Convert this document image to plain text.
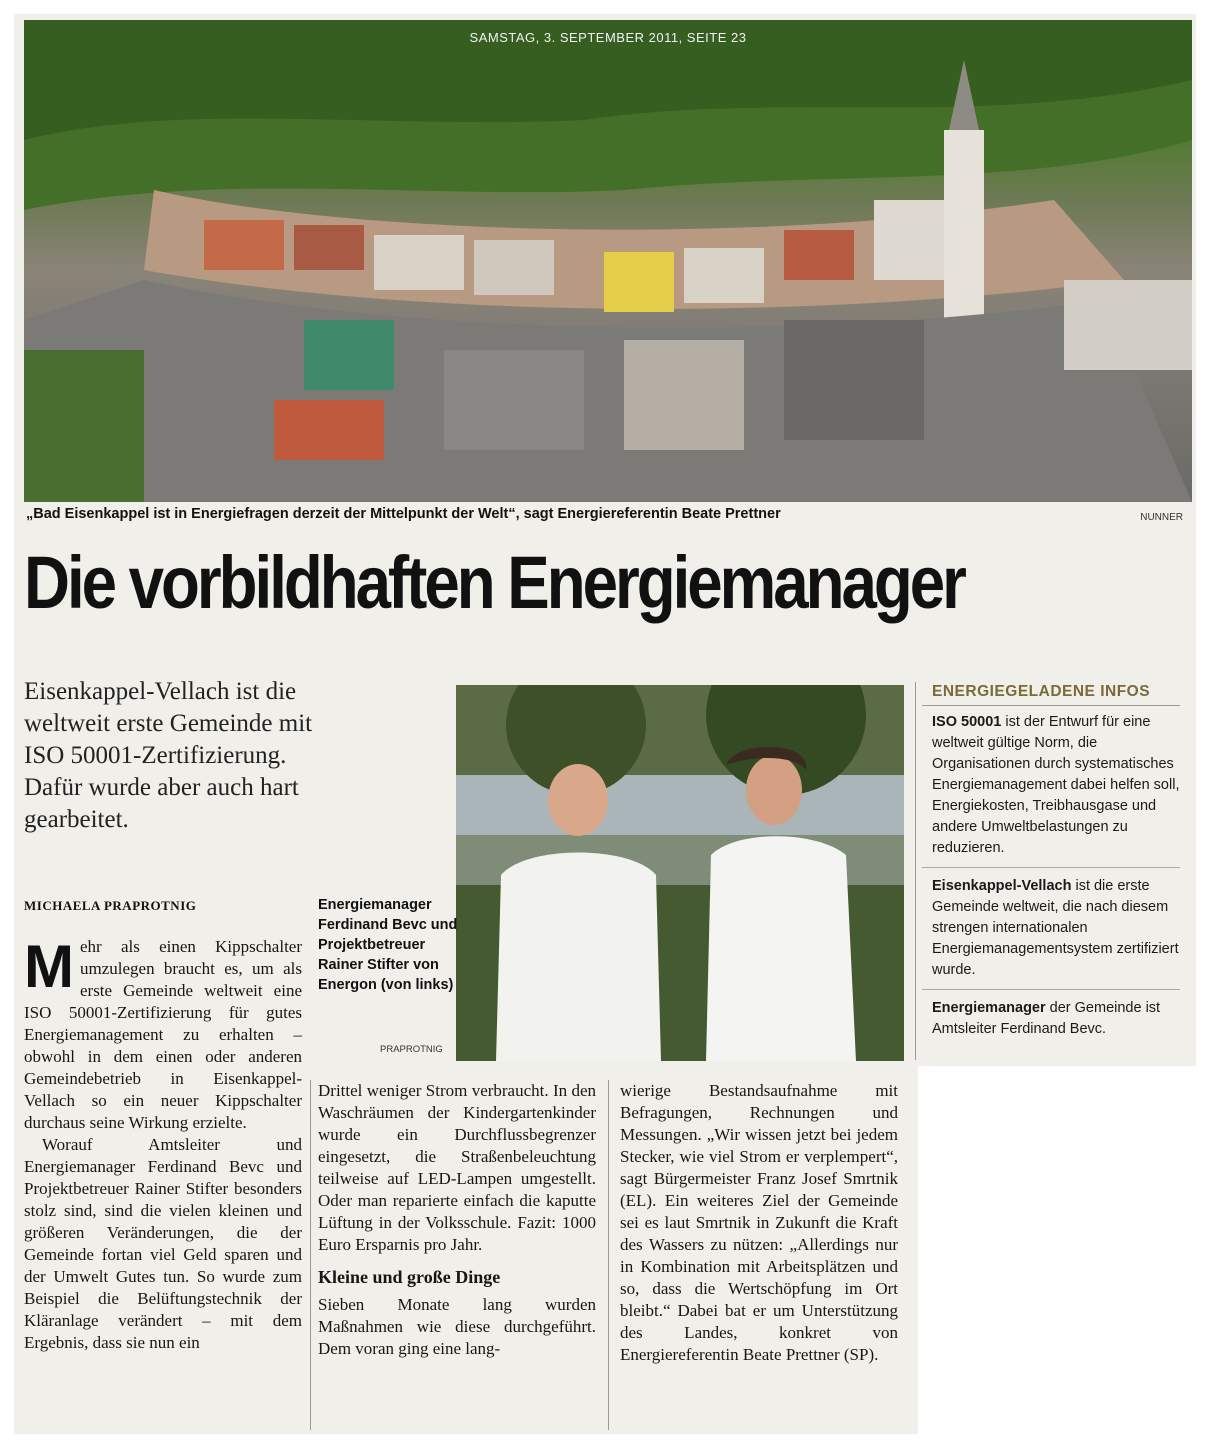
SAMSTAG, 3. SEPTEMBER 2011, SEITE 23
„Bad Eisenkappel ist in Energiefragen derzeit der Mittelpunkt der Welt“, sagt Energiereferentin Beate Prettner	NUNNER
Die vorbildhaften Energiemanager
Eisenkappel-Vellach ist die weltweit erste Gemeinde mit ISO 50001-Zertifizierung. Dafür wurde aber auch hart gearbeitet.
MICHAELA PRAPROTNIG

Mehr als einen Kippschalter umzulegen braucht es, um als erste Gemeinde weltweit eine ISO 50001-Zertifizierung für gutes Energiemanagement zu erhalten – obwohl in dem einen oder anderen Gemeindebetrieb in Eisenkappel-Vellach so ein neuer Kippschalter durchaus seine Wirkung erzielte.

Worauf Amtsleiter und Energiemanager Ferdinand Bevc und Projektbetreuer Rainer Stifter besonders stolz sind, sind die vielen kleinen und größeren Veränderungen, die der Gemeinde fortan viel Geld sparen und der Umwelt Gutes tun. So wurde zum Beispiel die Belüftungstechnik der Kläranlage verändert – mit dem Ergebnis, dass sie nun ein

Drittel weniger Strom verbraucht. In den Waschräumen der Kindergartenkinder wurde ein Durchflussbegrenzer eingesetzt, die Straßenbeleuchtung teilweise auf LED-Lampen umgestellt. Oder man reparierte einfach die kaputte Lüftung in der Volksschule. Fazit: 1000 Euro Ersparnis pro Jahr.

Kleine und große Dinge

Sieben Monate lang wurden Maßnahmen wie diese durchgeführt. Dem voran ging eine lang-

wierige Bestandsaufnahme mit Befragungen, Rechnungen und Messungen. „Wir wissen jetzt bei jedem Stecker, wie viel Strom er verplempert“, sagt Bürgermeister Franz Josef Smrtnik (EL). Ein weiteres Ziel der Gemeinde sei es laut Smrtnik in Zukunft die Kraft des Wassers zu nützen: „Allerdings nur in Kombination mit Arbeitsplätzen und so, dass die Wertschöpfung im Ort bleibt.“ Dabei bat er um Unterstützung des Landes, konkret von Energiereferentin Beate Prettner (SP).

Energiemanager Ferdinand Bevc und Projektbetreuer Rainer Stifter von Energon (von links)
PRAPROTNIG
ENERGIEGELADENE INFOS
ISO 50001 ist der Entwurf für eine weltweit gültige Norm, die Organisationen durch systematisches Energiemanagement dabei helfen soll, Energiekosten, Treibhausgase und andere Umweltbelastungen zu reduzieren.
Eisenkappel-Vellach ist die erste Gemeinde weltweit, die nach diesem strengen internationalen Energiemanagementsystem zertifiziert wurde.
Energiemanager der Gemeinde ist Amtsleiter Ferdinand Bevc.
